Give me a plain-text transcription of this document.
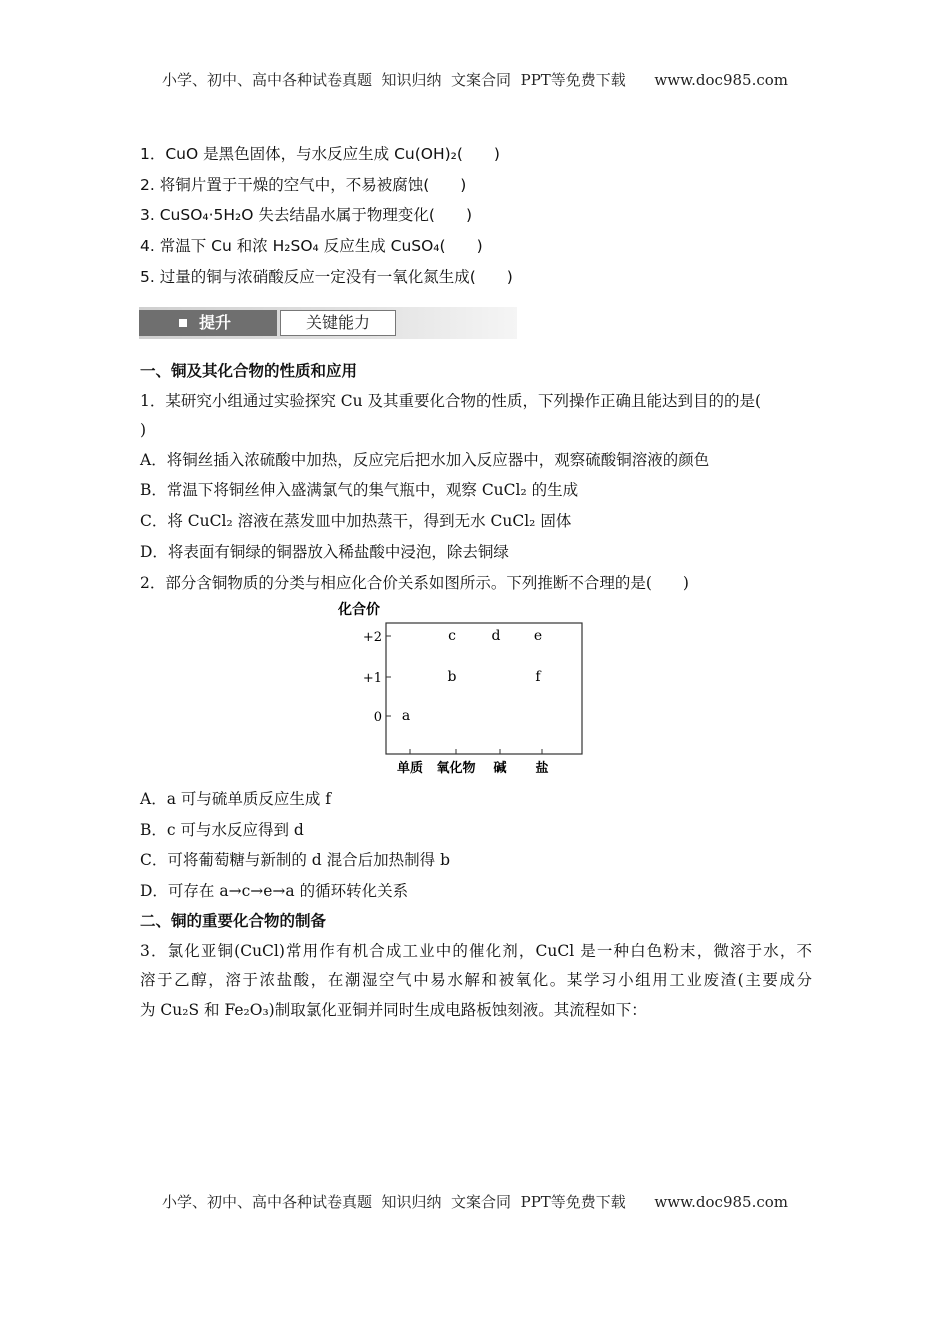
小学、初中、高中各种试卷真题  知识归纳  文案合同  PPT等免费下载 www.doc985.com
1．CuO 是黑色固体，与水反应生成 Cu(OH)₂(　　)
2. 将铜片置于干燥的空气中，不易被腐蚀(　　)
3. CuSO₄·5H₂O 失去结晶水属于物理变化(　　)
4. 常温下 Cu 和浓 H₂SO₄ 反应生成 CuSO₄(　　)
5. 过量的铜与浓硝酸反应一定没有一氧化氮生成(　　)
提升	关键能力
一、铜及其化合物的性质和应用
1．某研究小组通过实验探究 Cu 及其重要化合物的性质，下列操作正确且能达到目的的是(
)
A．将铜丝插入浓硫酸中加热，反应完后把水加入反应器中，观察硫酸铜溶液的颜色
B．常温下将铜丝伸入盛满氯气的集气瓶中，观察 CuCl₂ 的生成
C．将 CuCl₂ 溶液在蒸发皿中加热蒸干，得到无水 CuCl₂ 固体
D．将表面有铜绿的铜器放入稀盐酸中浸泡，除去铜绿
2．部分含铜物质的分类与相应化合价关系如图所示。下列推断不合理的是(　　)
化合价
+2
+1
0
单质 氧化物 碱 盐
a
c	d e
b	f
A．a 可与硫单质反应生成 f
B．c 可与水反应得到 d
C．可将葡萄糖与新制的 d 混合后加热制得 b
D．可存在 a→c→e→a 的循环转化关系
二、铜的重要化合物的制备
3．氯化亚铜(CuCl)常用作有机合成工业中的催化剂，CuCl 是一种白色粉末，微溶于水，不
溶于乙醇，溶于浓盐酸，在潮湿空气中易水解和被氧化。某学习小组用工业废渣(主要成分
为 Cu₂S 和 Fe₂O₃)制取氯化亚铜并同时生成电路板蚀刻液。其流程如下：
小学、初中、高中各种试卷真题  知识归纳  文案合同  PPT等免费下载 www.doc985.com
